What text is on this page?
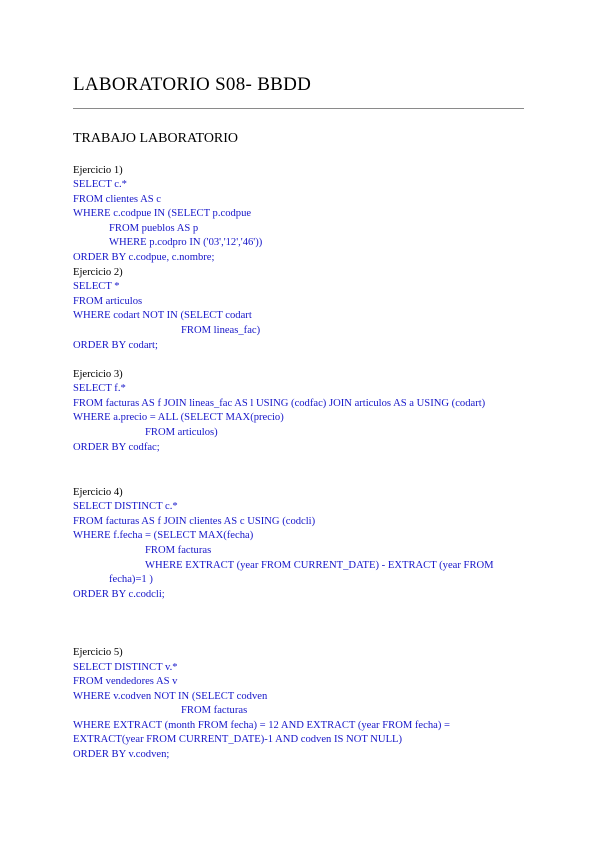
LABORATORIO S08- BBDD
TRABAJO LABORATORIO
Ejercicio 1)
SELECT c.*
FROM clientes AS c
WHERE c.codpue IN (SELECT p.codpue
FROM pueblos AS p
WHERE p.codpro IN ('03','12','46'))
ORDER BY c.codpue, c.nombre;
Ejercicio 2)
SELECT *
FROM articulos
WHERE codart NOT IN (SELECT codart
FROM lineas_fac)
ORDER BY codart;
Ejercicio 3)
SELECT f.*
FROM facturas AS f JOIN lineas_fac AS l USING (codfac) JOIN articulos AS a USING (codart)
WHERE a.precio = ALL (SELECT MAX(precio)
FROM articulos)
ORDER BY codfac;
Ejercicio 4)
SELECT DISTINCT c.*
FROM facturas AS f JOIN clientes AS c USING (codcli)
WHERE f.fecha = (SELECT MAX(fecha)
FROM facturas
WHERE EXTRACT (year FROM CURRENT_DATE) - EXTRACT (year FROM
fecha)=1 )
ORDER BY c.codcli;
Ejercicio 5)
SELECT DISTINCT v.*
FROM vendedores AS v
WHERE v.codven NOT IN (SELECT codven
FROM facturas
WHERE EXTRACT (month FROM fecha) = 12 AND EXTRACT (year FROM fecha) =
EXTRACT(year FROM CURRENT_DATE)-1 AND codven IS NOT NULL)
ORDER BY v.codven;
